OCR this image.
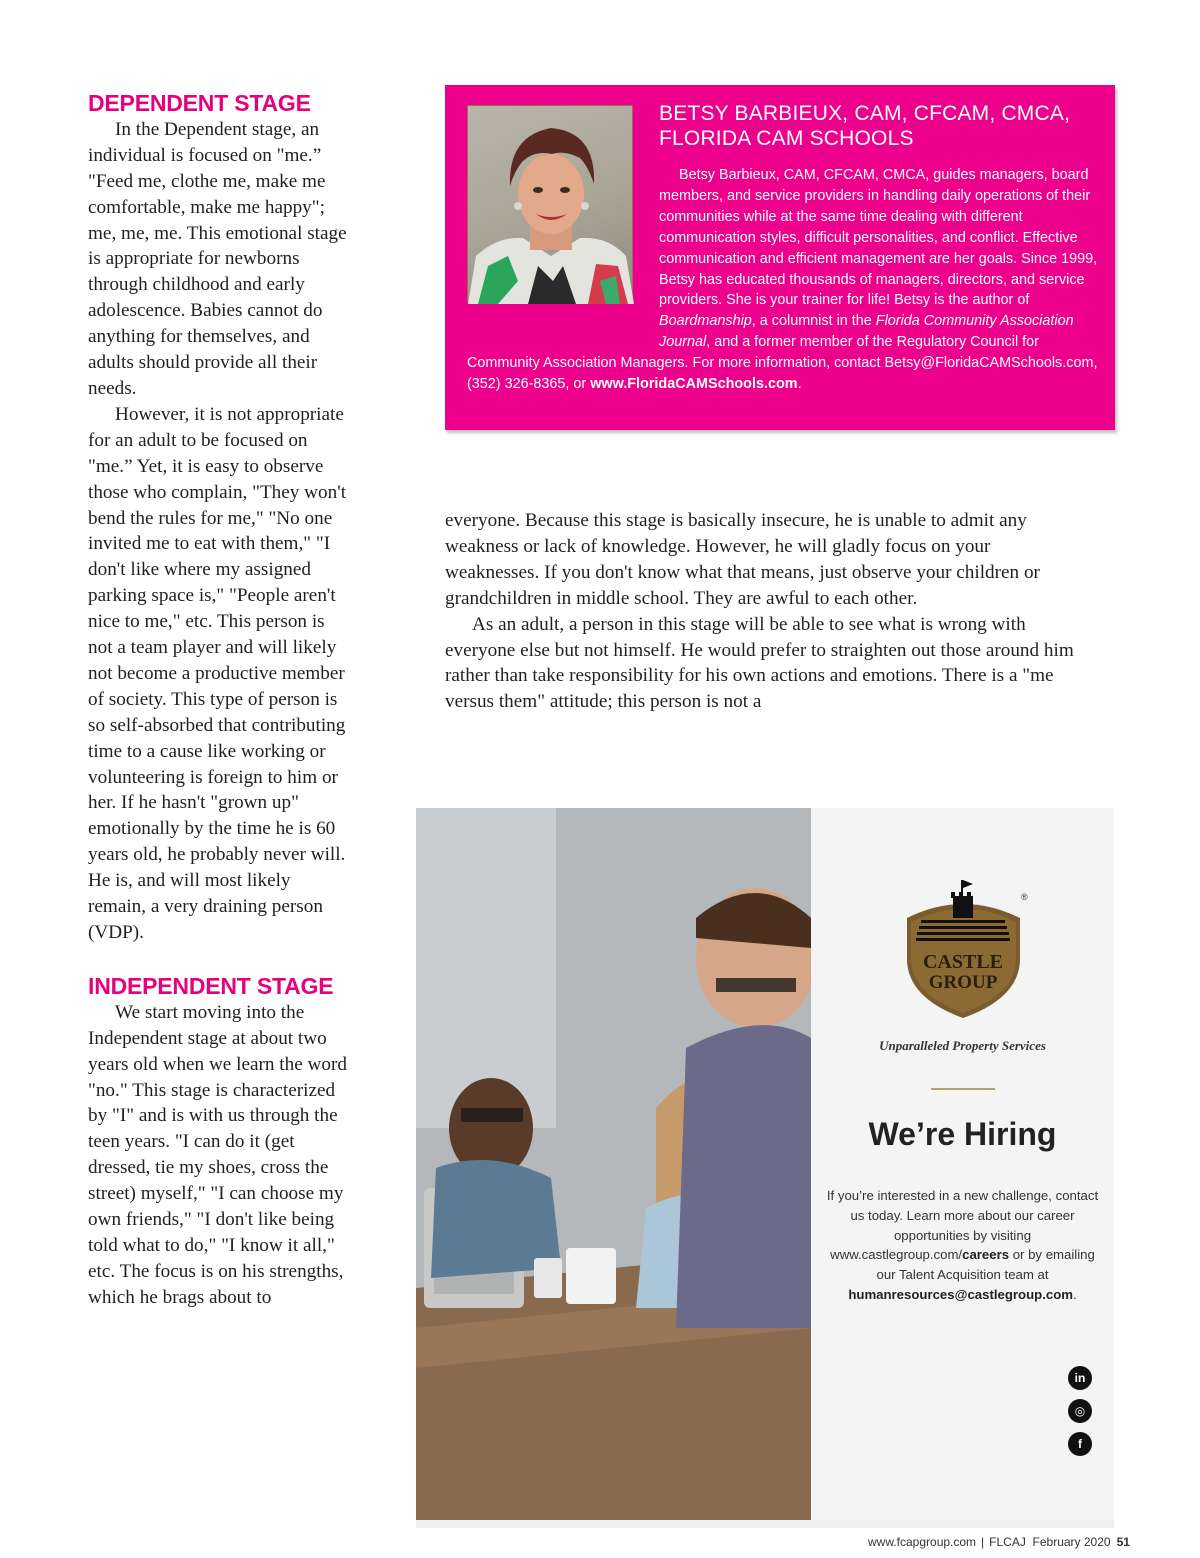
DEPENDENT STAGE

In the Dependent stage, an individual is focused on "me.” "Feed me, clothe me, make me comfortable, make me happy"; me, me, me. This emotional stage is appropriate for newborns through childhood and early adolescence. Babies cannot do anything for themselves, and adults should provide all their needs.

However, it is not appropriate for an adult to be focused on "me.” Yet, it is easy to observe those who complain, "They won't bend the rules for me," "No one invited me to eat with them," "I don't like where my assigned parking space is," "People aren't nice to me," etc. This person is not a team player and will likely not become a productive member of society. This type of person is so self-absorbed that contributing time to a cause like working or volunteering is foreign to him or her. If he hasn't "grown up" emotionally by the time he is 60 years old, he probably never will. He is, and will most likely remain, a very draining person (VDP).

INDEPENDENT STAGE

We start moving into the Independent stage at about two years old when we learn the word "no." This stage is characterized by "I" and is with us through the teen years. "I can do it (get dressed, tie my shoes, cross the street) myself," "I can choose my own friends," "I don't like being told what to do," "I know it all," etc. The focus is on his strengths, which he brags about to

BETSY BARBIEUX, CAM, CFCAM, CMCA,
FLORIDA CAM SCHOOLS

Betsy Barbieux, CAM, CFCAM, CMCA, guides managers, board members, and service providers in handling daily operations of their communities while at the same time dealing with different communication styles, difficult personalities, and conflict. Effective communication and efficient management are her goals. Since 1999, Betsy has educated thousands of managers, directors, and service providers. She is your trainer for life! Betsy is the author of Boardmanship, a columnist in the Florida Community Association Journal, and a former member of the Regulatory Council for Community Association Managers. For more information, contact Betsy@FloridaCAMSchools.com, (352) 326-8365, or www.FloridaCAMSchools.com.

everyone. Because this stage is basically insecure, he is unable to admit any weakness or lack of knowledge. However, he will gladly focus on your weaknesses. If you don't know what that means, just observe your children or grandchildren in middle school. They are awful to each other.

As an adult, a person in this stage will be able to see what is wrong with everyone else but not himself. He would prefer to straighten out those around him rather than take responsibility for his own actions and emotions. There is a "me versus them" attitude; this person is not a

CASTLE
GROUP
®
Unparalleled Property Services
We’re Hiring
If you’re interested in a new challenge, contact us today. Learn more about our career opportunities by visiting www.castlegroup.com/careers or by emailing our Talent Acquisition team at humanresources@castlegroup.com.
in
◎
f
www.fcapgroup.com | FLCAJ February 2020 51
